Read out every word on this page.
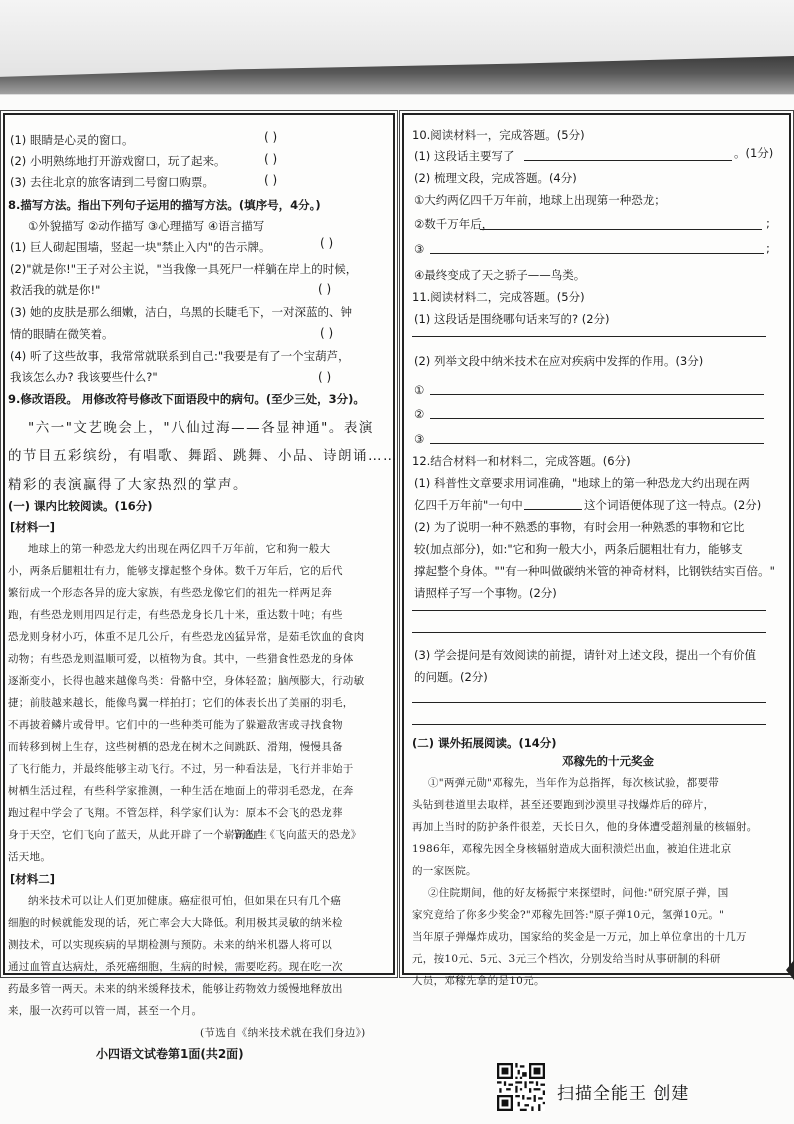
(1) 眼睛是心灵的窗口。
(2) 小明熟练地打开游戏窗口，玩了起来。
(3) 去往北京的旅客请到二号窗口购票。
8.描写方法。指出下列句子运用的描写方法。(填序号，4分。)
①外貌描写 ②动作描写 ③心理描写 ④语言描写
(1) 巨人砌起围墙，竖起一块"禁止入内"的告示牌。
(2)"就是你!"王子对公主说，"当我像一具死尸一样躺在岸上的时候，
救活我的就是你!"
(3) 她的皮肤是那么细嫩，洁白，乌黑的长睫毛下，一对深蓝的、钟
情的眼睛在微笑着。
(4) 听了这些故事，我常常就联系到自己:"我要是有了一个宝葫芦，
我该怎么办? 我该要些什么?"
9.修改语段。 用修改符号修改下面语段中的病句。(至少三处，3分)。
"六一"文艺晚会上，"八仙过海——各显神通"。表演
的节目五彩缤纷，有唱歌、舞蹈、跳舞、小品、诗朗诵……
精彩的表演赢得了大家热烈的掌声。
(一) 课内比较阅读。(16分)
[材料一]
地球上的第一种恐龙大约出现在两亿四千万年前，它和狗一般大
小，两条后腿粗壮有力，能够支撑起整个身体。数千万年后，它的后代
繁衍成一个形态各异的庞大家族，有些恐龙像它们的祖先一样两足奔
跑，有些恐龙则用四足行走，有些恐龙身长几十米，重达数十吨；有些
恐龙则身材小巧，体重不足几公斤，有些恐龙凶猛异常，是茹毛饮血的食肉
动物；有些恐龙则温顺可爱，以植物为食。其中，一些猎食性恐龙的身体
逐渐变小，长得也越来越像鸟类：骨骼中空，身体轻盈；脑颅膨大，行动敏
捷；前肢越来越长，能像鸟翼一样拍打；它们的体表长出了美丽的羽毛，
不再披着鳞片或骨甲。它们中的一些种类可能为了躲避敌害或寻找食物
而转移到树上生存，这些树栖的恐龙在树木之间跳跃、滑翔，慢慢具备
了飞行能力，并最终能够主动飞行。不过，另一种看法是，飞行并非始于
树栖生活过程，有些科学家推测，一种生活在地面上的带羽毛恐龙，在奔
跑过程中学会了飞翔。不管怎样，科学家们认为：原本不会飞的恐龙葬
身于天空，它们飞向了蓝天，从此开辟了一个崭新的生
活天地。
节选自《飞向蓝天的恐龙》
[材料二]
纳米技术可以让人们更加健康。癌症很可怕，但如果在只有几个癌
细胞的时候就能发现的话，死亡率会大大降低。利用极其灵敏的纳米检
测技术，可以实现疾病的早期检测与预防。未来的纳米机器人将可以
通过血管直达病灶，杀死癌细胞，生病的时候，需要吃药。现在吃一次
药最多管一两天。未来的纳米缓释技术，能够让药物效力缓慢地释放出
来，服一次药可以管一周，甚至一个月。
(节选自《纳米技术就在我们身边》)
( )
( )
( )
( )
( )
( )
( )
10.阅读材料一，完成答题。(5分)
(1) 这段话主要写了	。(1分)
(2) 梳理文段，完成答题。(4分)
①大约两亿四千万年前，地球上出现第一种恐龙；
②数千万年后，	;
③	;
④最终变成了天之骄子——鸟类。
11.阅读材料二，完成答题。(5分)
(1) 这段话是围绕哪句话来写的? (2分)
(2) 列举文段中纳米技术在应对疾病中发挥的作用。(3分)
①
②
③
12.结合材料一和材料二，完成答题。(6分)
(1) 科普性文章要求用词准确，"地球上的第一种恐龙大约出现在两
亿四千万年前"一句中	这个词语便体现了这一特点。(2分)
(2) 为了说明一种不熟悉的事物，有时会用一种熟悉的事物和它比
较(加点部分)，如:"它和狗一般大小，两条后腿粗壮有力，能够支
撑起整个身体。""有一种叫做碳纳米管的神奇材料，比钢铁结实百倍。"
请照样子写一个事物。(2分)
(3) 学会提问是有效阅读的前提，请针对上述文段，提出一个有价值
的问题。(2分)
(二) 课外拓展阅读。(14分)
邓稼先的十元奖金
①"两弹元勋"邓稼先，当年作为总指挥，每次核试验，都要带
头钻到巷道里去取样，甚至还要跑到沙漠里寻找爆炸后的碎片，
再加上当时的防护条件很差，天长日久，他的身体遭受超剂量的核辐射。
1986年，邓稼先因全身核辐射造成大面积溃烂出血，被迫住进北京
的一家医院。
②住院期间，他的好友杨振宁来探望时，问他:"研究原子弹，国
家究竟给了你多少奖金?"邓稼先回答:"原子弹10元，氢弹10元。"
当年原子弹爆炸成功，国家给的奖金是一万元，加上单位拿出的十几万
元，按10元、5元、3元三个档次，分别发给当时从事研制的科研
人员，邓稼先拿的是10元。
小四语文试卷第1面(共2面)
扫描全能王 创建
